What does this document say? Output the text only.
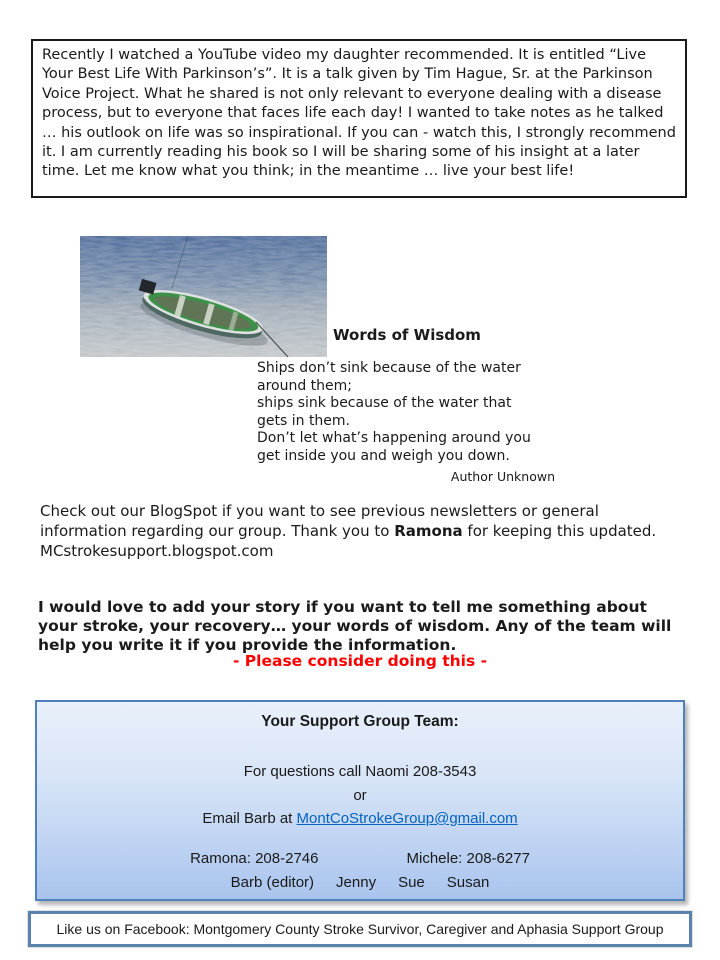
Recently I watched a YouTube video my daughter recommended. It is entitled “Live Your Best Life With Parkinson’s”. It is a talk given by Tim Hague, Sr. at the Parkinson Voice Project. What he shared is not only relevant to everyone dealing with a disease process, but to everyone that faces life each day! I wanted to take notes as he talked … his outlook on life was so inspirational. If you can - watch this, I strongly recommend it. I am currently reading his book so I will be sharing some of his insight at a later time. Let me know what you think; in the meantime … live your best life!
Words of Wisdom
Ships don’t sink because of the water
around them;
ships sink because of the water that
gets in them.
Don’t let what’s happening around you
get inside you and weigh you down.
Author Unknown
Check out our BlogSpot if you want to see previous newsletters or general information regarding our group. Thank you to Ramona for keeping this updated.
MCstrokesupport.blogspot.com
I would love to add your story if you want to tell me something about your stroke, your recovery… your words of wisdom. Any of the team will help you write it if you provide the information.
- Please consider doing this -
Your Support Group Team:
For questions call Naomi 208-3543
or
Email Barb at MontCoStrokeGroup@gmail.com
Ramona: 208-2746	Michele: 208-6277
Barb (editor) Jenny Sue Susan
Like us on Facebook: Montgomery County Stroke Survivor, Caregiver and Aphasia Support Group
